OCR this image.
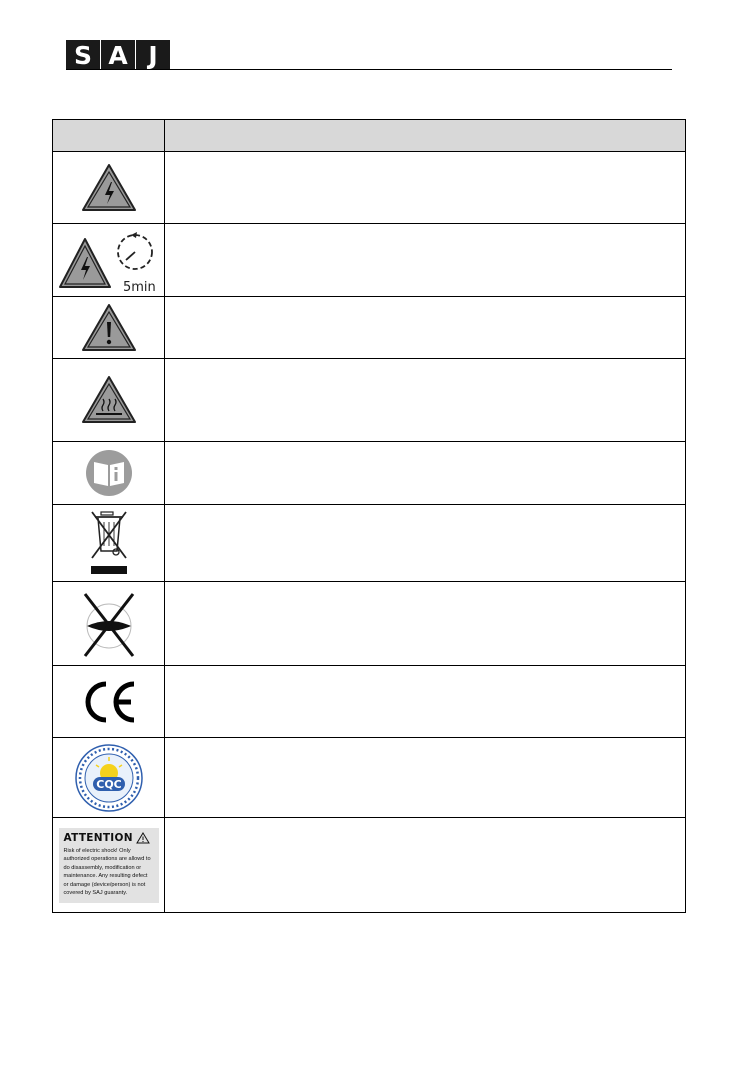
S A J

5min	

CQC	

ATTENTION
Risk of electric shock! Only authorized operations are allowd to do disassembly, modification or maintenance. Any resulting defect or damage (device/person) is not covered by SAJ guaranty.	
